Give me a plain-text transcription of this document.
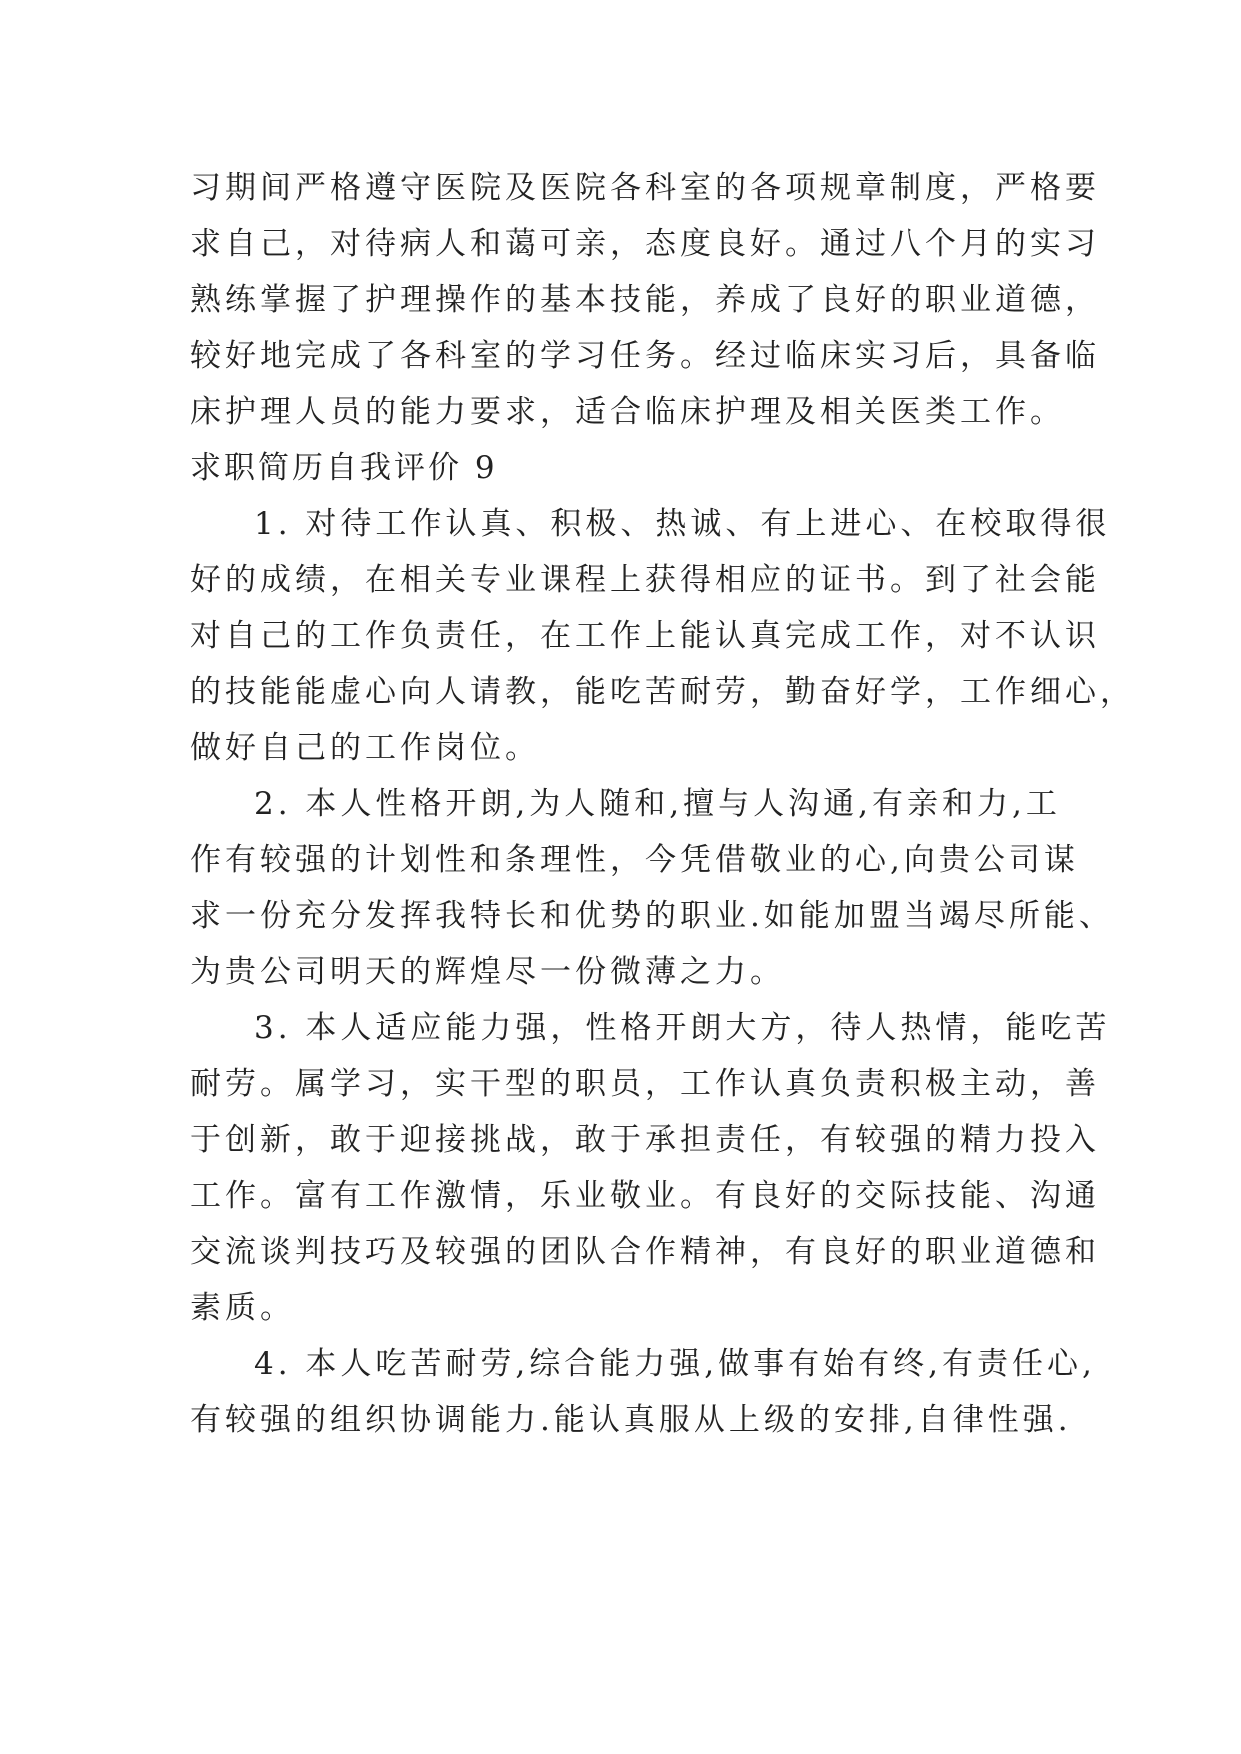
习期间严格遵守医院及医院各科室的各项规章制度，严格要
求自己，对待病人和蔼可亲，态度良好。通过八个月的实习
熟练掌握了护理操作的基本技能，养成了良好的职业道德，
较好地完成了各科室的学习任务。经过临床实习后，具备临
床护理人员的能力要求，适合临床护理及相关医类工作。

求职简历自我评价 9

1. 对待工作认真、积极、热诚、有上进心、在校取得很
好的成绩，在相关专业课程上获得相应的证书。到了社会能
对自己的工作负责任，在工作上能认真完成工作，对不认识
的技能能虚心向人请教，能吃苦耐劳，勤奋好学，工作细心，
做好自己的工作岗位。
2. 本人性格开朗,为人随和,擅与人沟通,有亲和力,工
作有较强的计划性和条理性，今凭借敬业的心,向贵公司谋
求一份充分发挥我特长和优势的职业.如能加盟当竭尽所能、
为贵公司明天的辉煌尽一份微薄之力。
3. 本人适应能力强，性格开朗大方，待人热情，能吃苦
耐劳。属学习，实干型的职员，工作认真负责积极主动，善
于创新，敢于迎接挑战，敢于承担责任，有较强的精力投入
工作。富有工作激情，乐业敬业。有良好的交际技能、沟通
交流谈判技巧及较强的团队合作精神，有良好的职业道德和
素质。
4. 本人吃苦耐劳,综合能力强,做事有始有终,有责任心,
有较强的组织协调能力.能认真服从上级的安排,自律性强.
